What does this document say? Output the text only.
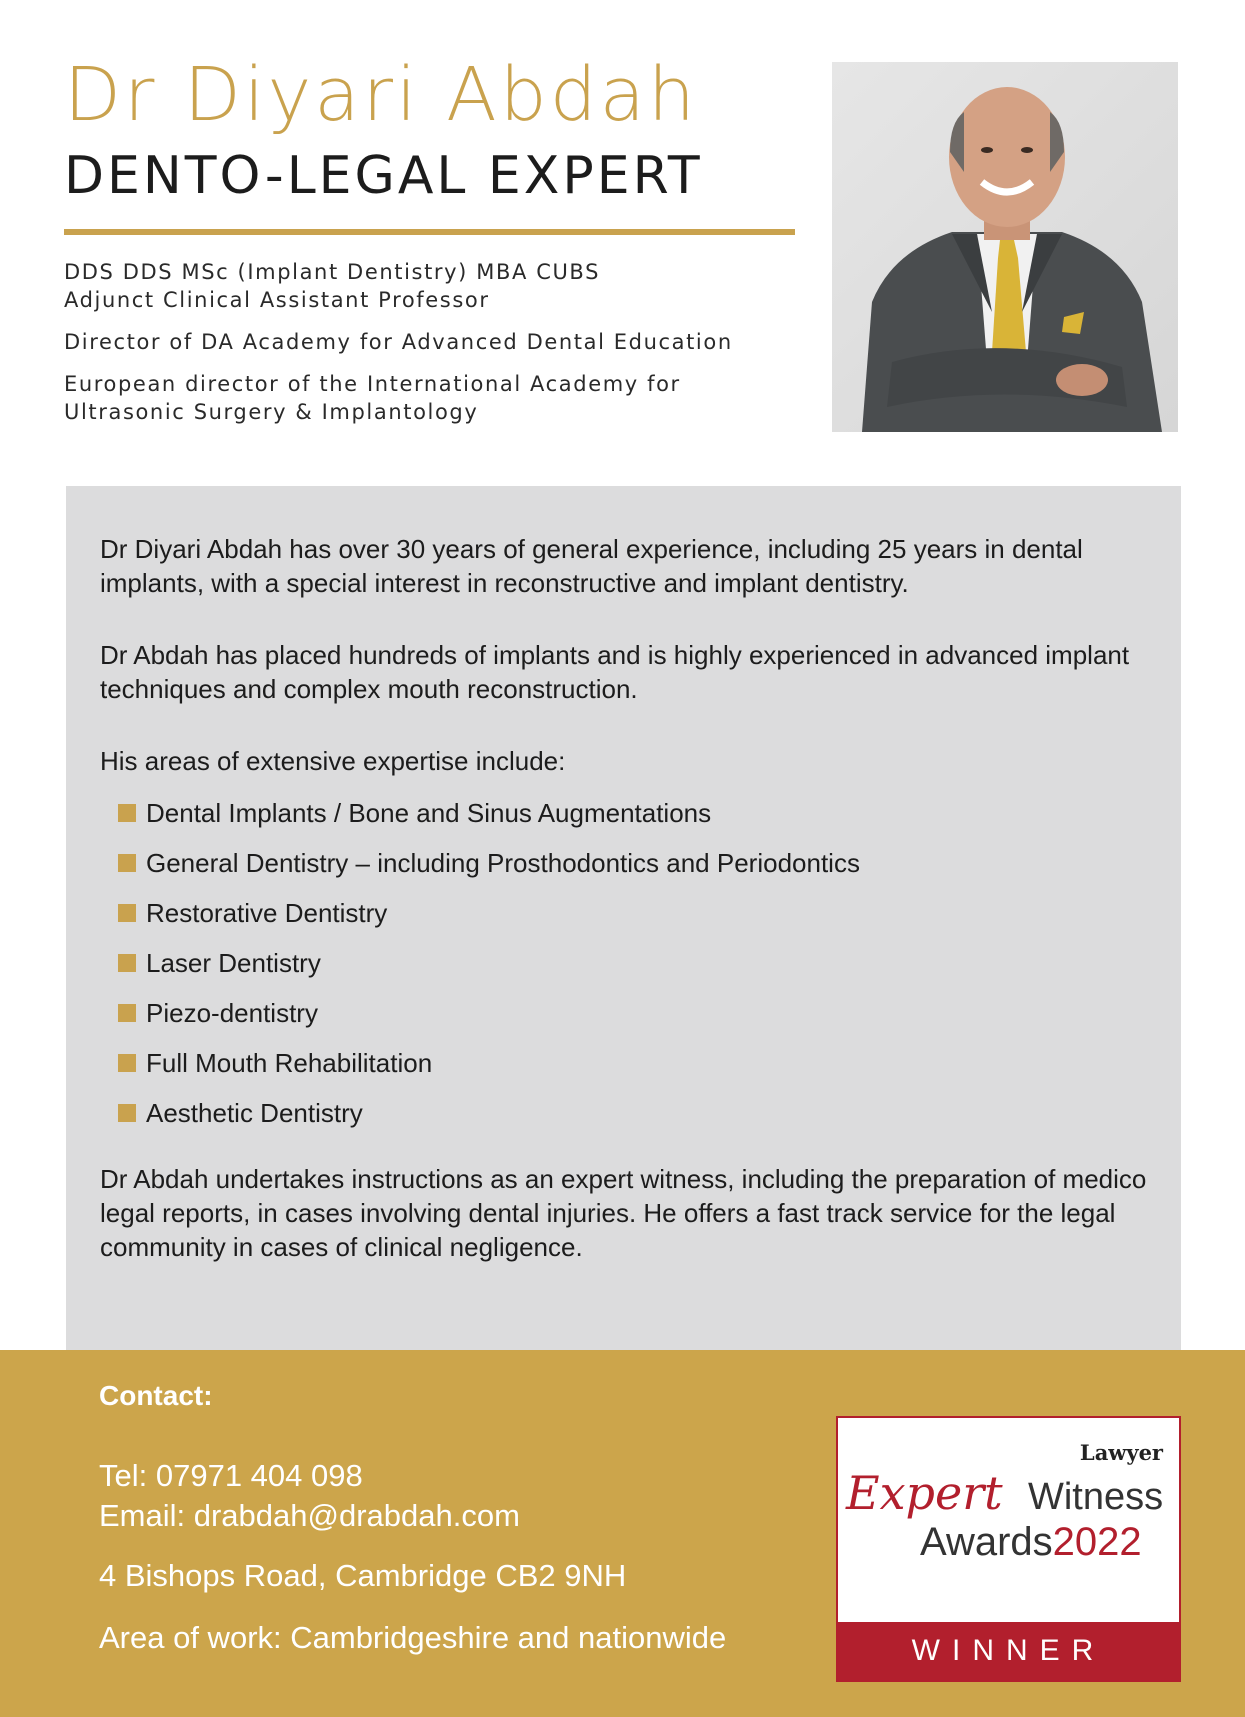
Dr Diyari Abdah
DENTO-LEGAL EXPERT
DDS DDS MSc (Implant Dentistry) MBA CUBS
Adjunct Clinical Assistant Professor
Director of DA Academy for Advanced Dental Education
European director of the International Academy for
Ultrasonic Surgery & Implantology

Dr Diyari Abdah has over 30 years of general experience, including 25 years in dental implants, with a special interest in reconstructive and implant dentistry.

Dr Abdah has placed hundreds of implants and is highly experienced in advanced implant techniques and complex mouth reconstruction.

His areas of extensive expertise include:

Dental Implants / Bone and Sinus Augmentations
General Dentistry – including Prosthodontics and Periodontics
Restorative Dentistry
Laser Dentistry
Piezo-dentistry
Full Mouth Rehabilitation
Aesthetic Dentistry

Dr Abdah undertakes instructions as an expert witness, including the preparation of medico legal reports, in cases involving dental injuries. He offers a fast track service for the legal community in cases of clinical negligence.

Contact:
Tel: 07971 404 098
Email: drabdah@drabdah.com
4 Bishops Road, Cambridge CB2 9NH
Area of work: Cambridgeshire and nationwide
Lawyer
Expert Witness
Awards2022
WINNER
